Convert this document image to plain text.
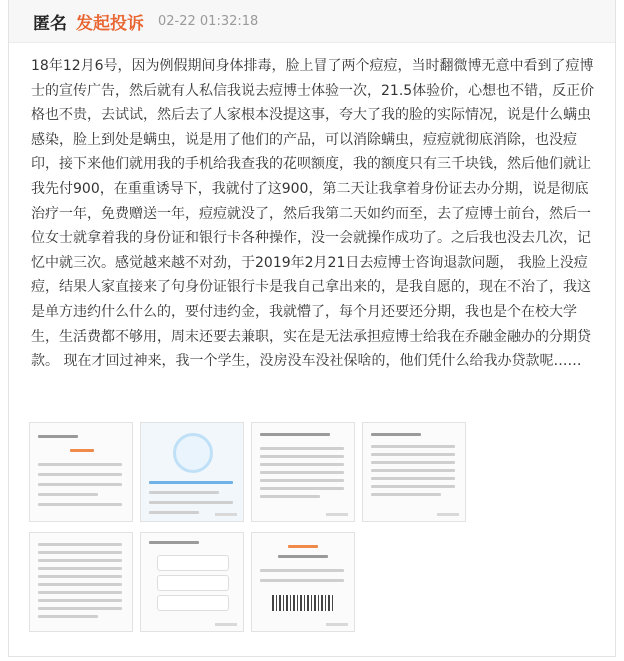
匿名 发起投诉 02-22 01:32:18

18年12月6号，因为例假期间身体排毒，脸上冒了两个痘痘，当时翻微博无意中看到了痘博士的宣传广告，然后就有人私信我说去痘博士体验一次，21.5体验价，心想也不错，反正价格也不贵，去试试，然后去了人家根本没提这事，夸大了我的脸的实际情况，说是什么螨虫感染，脸上到处是螨虫，说是用了他们的产品，可以消除螨虫，痘痘就彻底消除，也没痘印，接下来他们就用我的手机给我查我的花呗额度，我的额度只有三千块钱，然后他们就让我先付900，在重重诱导下，我就付了这900，第二天让我拿着身份证去办分期，说是彻底治疗一年，免费赠送一年，痘痘就没了，然后我第二天如约而至，去了痘博士前台，然后一位女士就拿着我的身份证和银行卡各种操作，没一会就操作成功了。之后我也没去几次，记忆中就三次。感觉越来越不对劲，于2019年2月21日去痘博士咨询退款问题， 我脸上没痘痘，结果人家直接来了句身份证银行卡是我自己拿出来的，是我自愿的，现在不治了，我这是单方违约什么什么的，要付违约金，我就懵了，每个月还要还分期，我也是个在校大学生，生活费都不够用，周末还要去兼职，实在是无法承担痘博士给我在乔融金融办的分期贷款。 现在才回过神来，我一个学生，没房没车没社保啥的，他们凭什么给我办贷款呢……
